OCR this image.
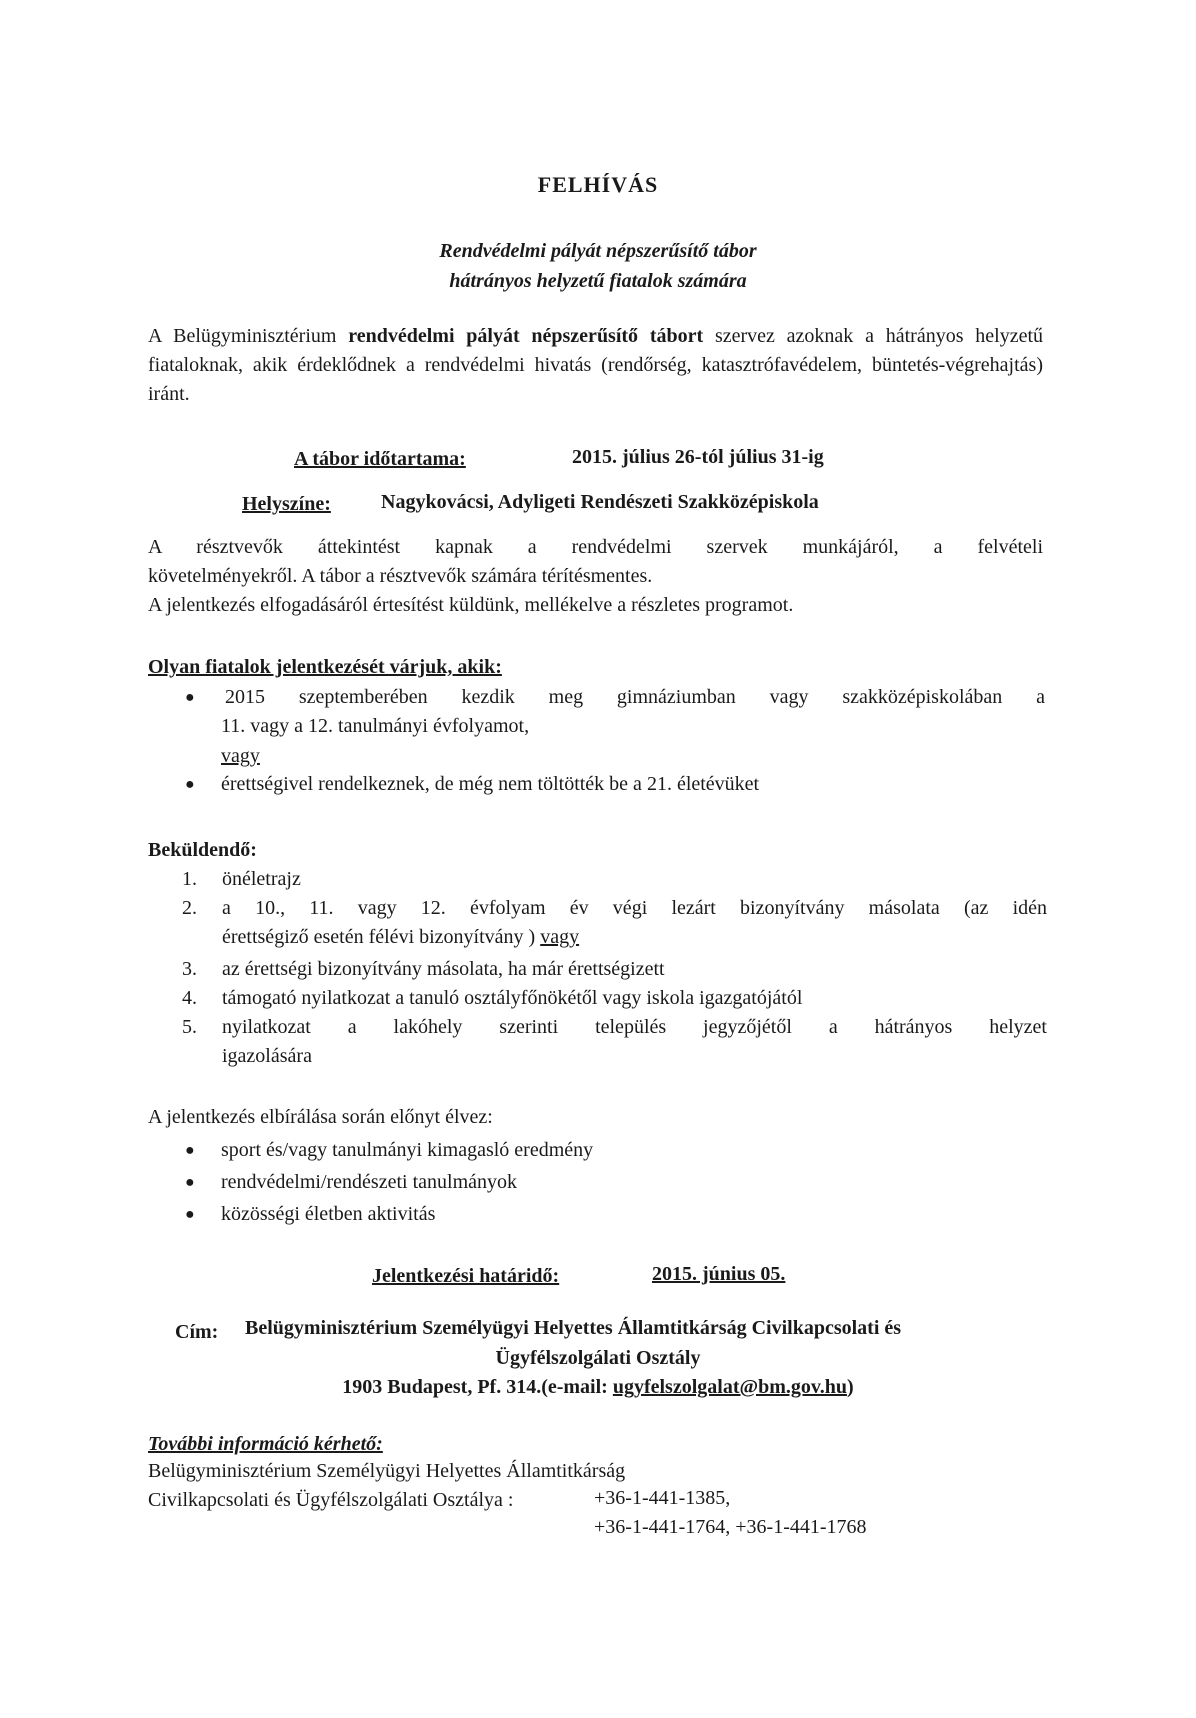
FELHÍVÁS
Rendvédelmi pályát népszerűsítő tábor
hátrányos helyzetű fiatalok számára
A Belügyminisztérium rendvédelmi pályát népszerűsítő tábort szervez azoknak a hátrányos helyzetű fiataloknak, akik érdeklődnek a rendvédelmi hivatás (rendőrség, katasztrófavédelem, büntetés-végrehajtás) iránt.
A tábor időtartama:	2015. július 26-tól július 31-ig
Helyszíne:	Nagykovácsi, Adyligeti Rendészeti Szakközépiskola
A résztvevők áttekintést kapnak a rendvédelmi szervek munkájáról, a felvételi
követelményekről. A tábor a résztvevők számára térítésmentes.
A jelentkezés elfogadásáról értesítést küldünk, mellékelve a részletes programot.
Olyan fiatalok jelentkezését várjuk, akik:
● 2015 szeptemberében kezdik meg gimnáziumban vagy szakközépiskolában a
11. vagy a 12. tanulmányi évfolyamot,
vagy
● érettségivel rendelkeznek, de még nem töltötték be a 21. életévüket
Beküldendő:
1. önéletrajz
2. a 10., 11. vagy 12. évfolyam év végi lezárt bizonyítvány másolata (az idén
érettségiző esetén félévi bizonyítvány ) vagy
3. az érettségi bizonyítvány másolata, ha már érettségizett
4. támogató nyilatkozat a tanuló osztályfőnökétől vagy iskola igazgatójától
5. nyilatkozat a lakóhely szerinti település jegyzőjétől a hátrányos helyzet
igazolására
A jelentkezés elbírálása során előnyt élvez:
● sport és/vagy tanulmányi kimagasló eredmény
● rendvédelmi/rendészeti tanulmányok
● közösségi életben aktivitás
Jelentkezési határidő:	2015. június 05.
Cím: Belügyminisztérium Személyügyi Helyettes Államtitkárság Civilkapcsolati és
Ügyfélszolgálati Osztály
1903 Budapest, Pf. 314.(e-mail: ugyfelszolgalat@bm.gov.hu)
További információ kérhető:
Belügyminisztérium Személyügyi Helyettes Államtitkárság
Civilkapcsolati és Ügyfélszolgálati Osztálya :	+36-1-441-1385,
+36-1-441-1764, +36-1-441-1768
